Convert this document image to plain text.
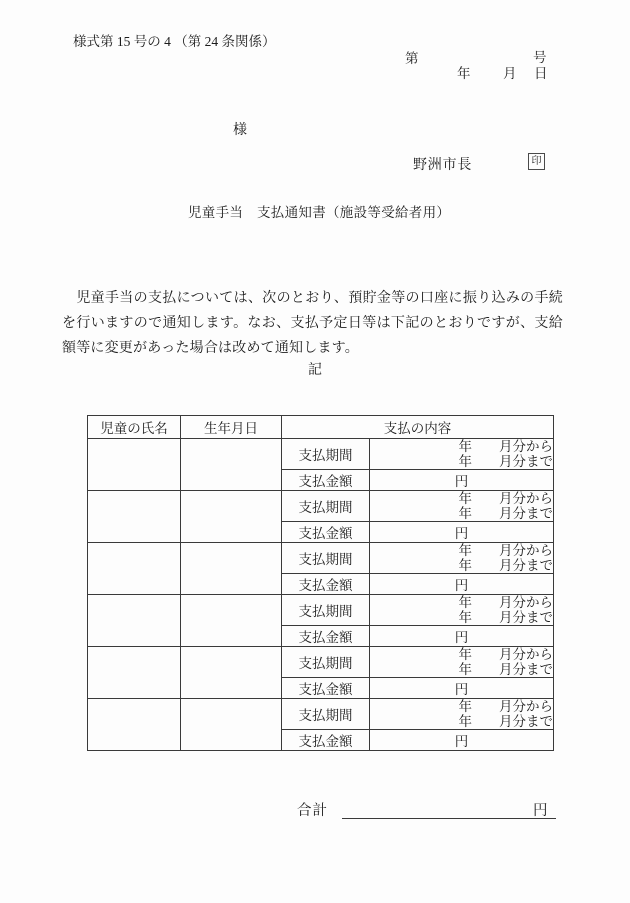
様式第 15 号の 4 （第 24 条関係）
第	号
年 月 日
様
野洲市長	印
児童手当　支払通知書（施設等受給者用）
　児童手当の支払については、次のとおり、預貯金等の口座に振り込みの手続
を行いますので通知します。なお、支払予定日等は下記のとおりですが、支給
額等に変更があった場合は改めて通知します。
記
児童の氏名	生年月日	支払の内容	
		支払期間	年　　月分から
年　　月分まで

		支払金額	円
		支払期間	年　　月分から
年　　月分まで

		支払金額	円
		支払期間	年　　月分から
年　　月分まで

		支払金額	円
		支払期間	年　　月分から
年　　月分まで

		支払金額	円
		支払期間	年　　月分から
年　　月分まで

		支払金額	円
		支払期間	年　　月分から
年　　月分まで

		支払金額	円
合計	円
